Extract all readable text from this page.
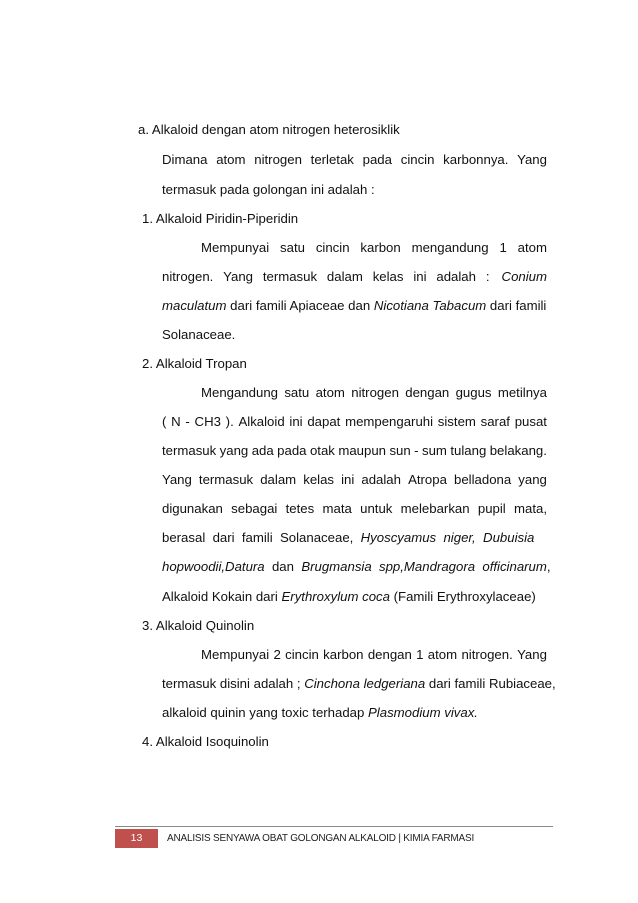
a. Alkaloid dengan atom nitrogen heterosiklik
Dimana atom nitrogen terletak pada cincin karbonnya. Yang
termasuk pada golongan ini adalah :
1. Alkaloid Piridin-Piperidin
Mempunyai satu cincin karbon mengandung 1 atom
nitrogen. Yang termasuk dalam kelas ini adalah : Conium
maculatum dari famili Apiaceae dan Nicotiana Tabacum dari famili
Solanaceae.
2. Alkaloid Tropan
Mengandung satu atom nitrogen dengan gugus metilnya
( N - CH3 ). Alkaloid ini dapat mempengaruhi sistem saraf pusat
termasuk yang ada pada otak maupun sun - sum tulang belakang.
Yang termasuk dalam kelas ini adalah Atropa belladona yang
digunakan sebagai tetes mata untuk melebarkan pupil mata,
berasal  dari  famili  Solanaceae,  Hyoscyamus  niger,  Dubuisia
hopwoodii,Datura  dan  Brugmansia  spp,Mandragora  officinarum,
Alkaloid Kokain dari Erythroxylum coca (Famili Erythroxylaceae)
3. Alkaloid Quinolin
Mempunyai 2 cincin karbon dengan 1 atom nitrogen. Yang
termasuk disini adalah ; Cinchona ledgeriana dari famili Rubiaceae,
alkaloid quinin yang toxic terhadap Plasmodium vivax.
4. Alkaloid Isoquinolin
13	ANALISIS SENYAWA OBAT GOLONGAN ALKALOID | KIMIA FARMASI
